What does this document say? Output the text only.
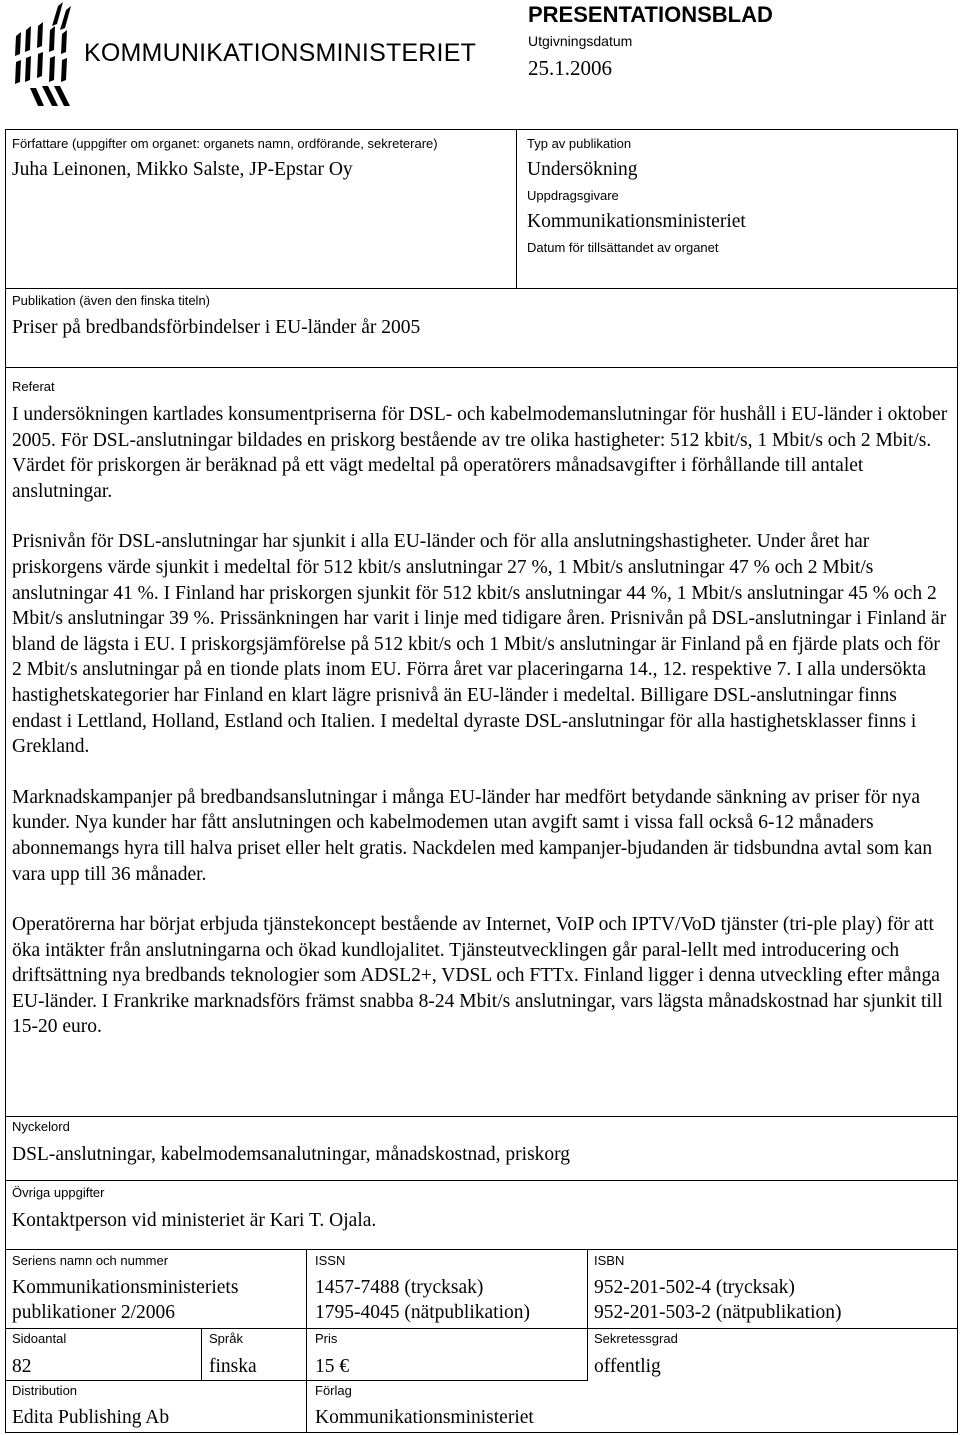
KOMMUNIKATIONSMINISTERIET
PRESENTATIONSBLAD
Utgivningsdatum
25.1.2006
Författare (uppgifter om organet: organets namn, ordförande, sekreterare)
Juha Leinonen, Mikko Salste, JP-Epstar Oy
Typ av publikation
Undersökning
Uppdragsgivare
Kommunikationsministeriet
Datum för tillsättandet av organet
Publikation (även den finska titeln)
Priser på bredbandsförbindelser i EU-länder år 2005
Referat

I undersökningen kartlades konsumentpriserna för DSL- och kabelmodemanslutningar för hushåll i EU-länder i oktober 2005. För DSL-anslutningar bildades en priskorg bestående av tre olika hastigheter: 512 kbit/s, 1 Mbit/s och 2 Mbit/s. Värdet för priskorgen är beräknad på ett vägt medeltal på operatörers månadsavgifter i förhållande till antalet anslutningar.

Prisnivån för DSL-anslutningar har sjunkit i alla EU-länder och för alla anslutningshastigheter. Under året har priskorgens värde sjunkit i medeltal för 512 kbit/s anslutningar 27 %, 1 Mbit/s anslutningar 47 % och 2 Mbit/s anslutningar 41 %. I Finland har priskorgen sjunkit för 512 kbit/s anslutningar 44 %, 1 Mbit/s anslutningar 45 % och 2 Mbit/s anslutningar 39 %. Prissänkningen har varit i linje med tidigare åren. Prisnivån på DSL-anslutningar i Finland är bland de lägsta i EU. I priskorgsjämförelse på 512 kbit/s och 1 Mbit/s anslutningar är Finland på en fjärde plats och för 2 Mbit/s anslutningar på en tionde plats inom EU. Förra året var placeringarna 14., 12. respektive 7. I alla undersökta hastighetskategorier har Finland en klart lägre prisnivå än EU-länder i medeltal. Billigare DSL-anslutningar finns endast i Lettland, Holland, Estland och Italien. I medeltal dyraste DSL-anslutningar för alla hastighetsklasser finns i Grekland.

Marknadskampanjer på bredbandsanslutningar i många EU-länder har medfört betydande sänkning av priser för nya kunder. Nya kunder har fått anslutningen och kabelmodemen utan avgift samt i vissa fall också 6-12 månaders abonnemangs hyra till halva priset eller helt gratis. Nackdelen med kampanjer-bjudanden är tidsbundna avtal som kan vara upp till 36 månader.

Operatörerna har börjat erbjuda tjänstekoncept bestående av Internet, VoIP och IPTV/VoD tjänster (tri-ple play) för att öka intäkter från anslutningarna och ökad kundlojalitet. Tjänsteutvecklingen går paral-lellt med introducering och driftsättning nya bredbands teknologier som ADSL2+, VDSL och FTTx. Finland ligger i denna utveckling efter många EU-länder. I Frankrike marknadsförs främst snabba 8-24 Mbit/s anslutningar, vars lägsta månadskostnad har sjunkit till 15-20 euro.

Nyckelord
DSL-anslutningar, kabelmodemsanalutningar, månadskostnad, priskorg
Övriga uppgifter
Kontaktperson vid ministeriet är Kari T. Ojala.
Seriens namn och nummer
Kommunikationsministeriets
publikationer 2/2006
ISSN
1457-7488 (trycksak)
1795-4045 (nätpublikation)
ISBN
952-201-502-4 (trycksak)
952-201-503-2 (nätpublikation)
Sidoantal
82
Språk
finska
Pris
15 €
Sekretessgrad
offentlig
Distribution
Edita Publishing Ab
Förlag
Kommunikationsministeriet
